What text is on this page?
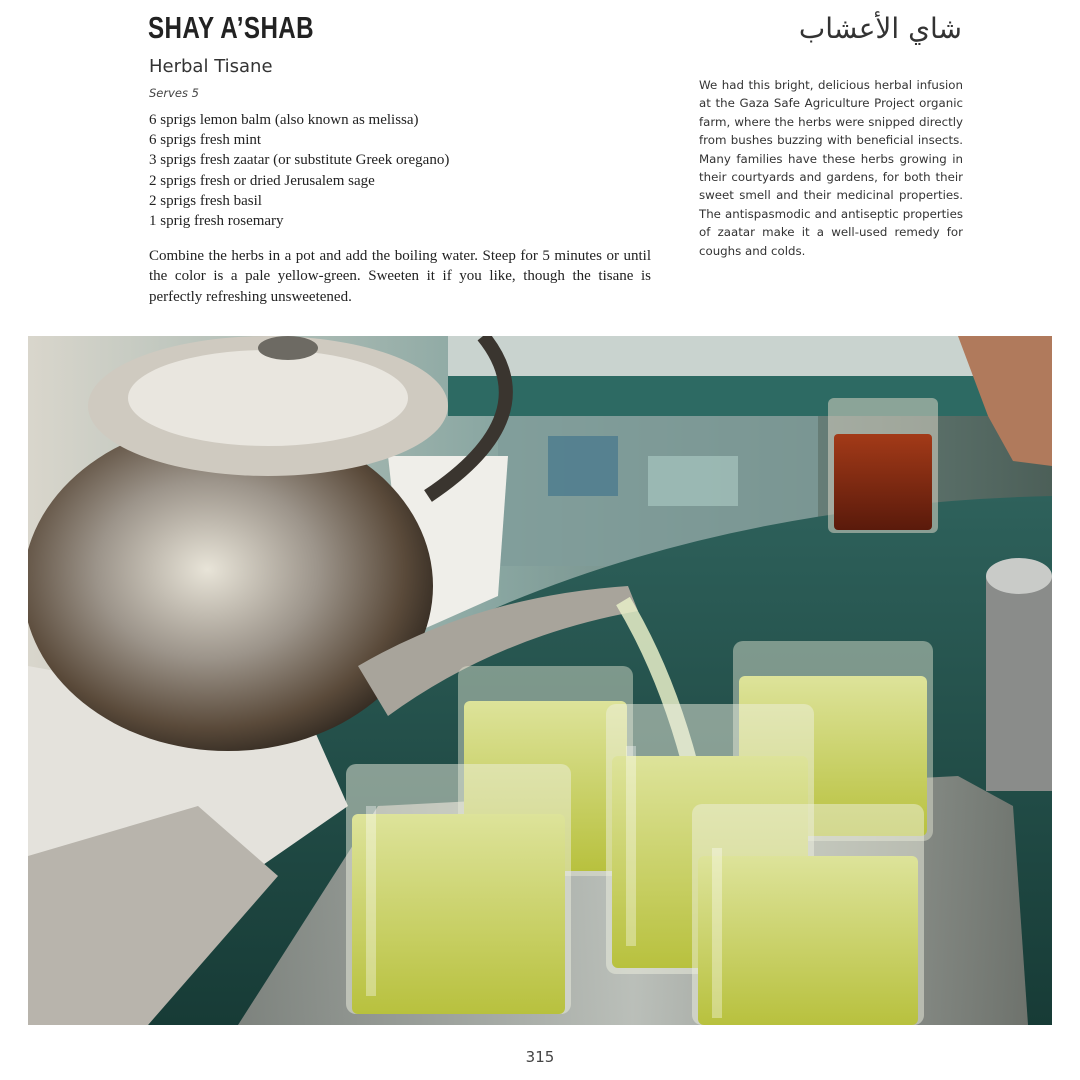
SHAY A’SHAB	شاي الأعشاب
Herbal Tisane
Serves 5
6 sprigs lemon balm (also known as melissa)
6 sprigs fresh mint
3 sprigs fresh zaatar (or substitute Greek oregano)
2 sprigs fresh or dried Jerusalem sage
2 sprigs fresh basil
1 sprig fresh rosemary

Combine the herbs in a pot and add the boiling water. Steep for 5 minutes or until the color is a pale yellow-green. Sweeten it if you like, though the tisane is perfectly refreshing unsweetened.

We had this bright, delicious herbal infusion at the Gaza Safe Agriculture Project organic farm, where the herbs were snipped directly from bushes buzzing with beneficial insects. Many families have these herbs growing in their courtyards and gardens, for both their sweet smell and their medicinal properties. The antispasmodic and antiseptic properties of zaatar make it a well-used remedy for coughs and colds.

315
